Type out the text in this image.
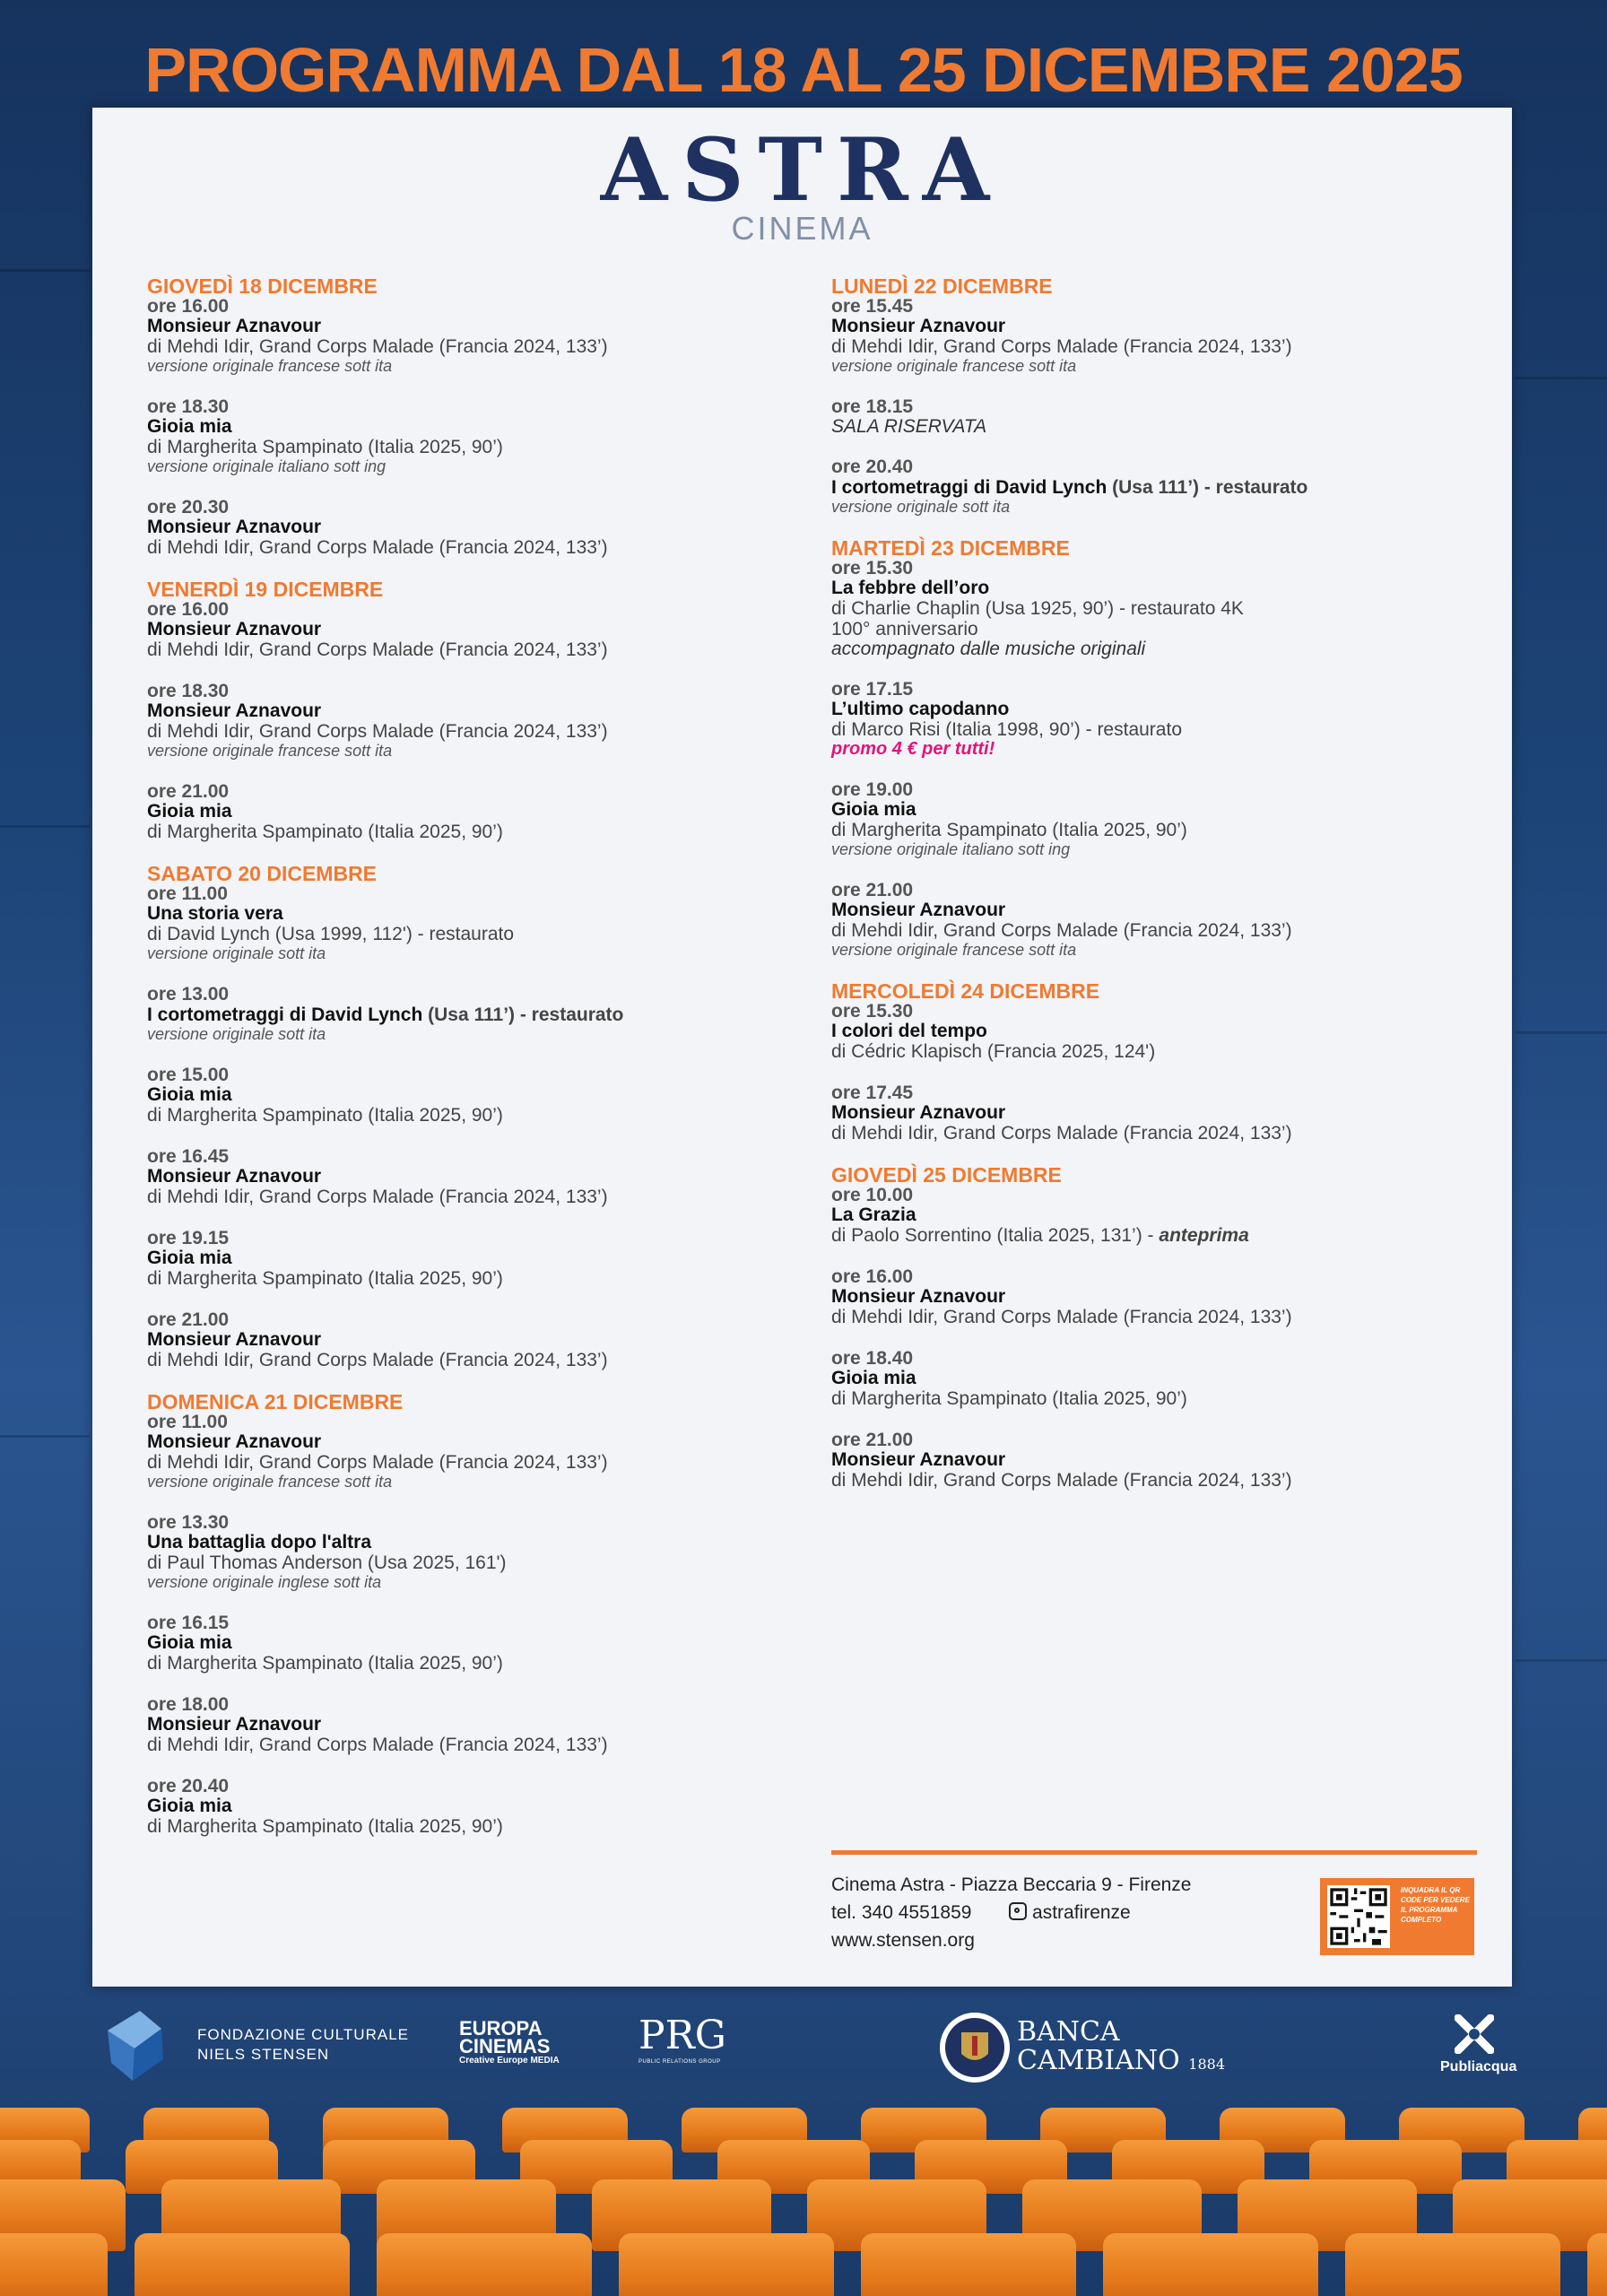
PROGRAMMA DAL 18 AL 25 DICEMBRE 2025
ASTRA
CINEMA
GIOVEDÌ 18 DICEMBRE
ore 16.00
Monsieur Aznavour
di Mehdi Idir, Grand Corps Malade (Francia 2024, 133’)
versione originale francese sott ita
ore 18.30
Gioia mia
di Margherita Spampinato (Italia 2025, 90’)
versione originale italiano sott ing
ore 20.30
Monsieur Aznavour
di Mehdi Idir, Grand Corps Malade (Francia 2024, 133’)
VENERDÌ 19 DICEMBRE
ore 16.00
Monsieur Aznavour
di Mehdi Idir, Grand Corps Malade (Francia 2024, 133’)
ore 18.30
Monsieur Aznavour
di Mehdi Idir, Grand Corps Malade (Francia 2024, 133’)
versione originale francese sott ita
ore 21.00
Gioia mia
di Margherita Spampinato (Italia 2025, 90’)
SABATO 20 DICEMBRE
ore 11.00
Una storia vera
di David Lynch (Usa 1999, 112') - restaurato
versione originale sott ita
ore 13.00
I cortometraggi di David Lynch (Usa 111’) - restaurato
versione originale sott ita
ore 15.00
Gioia mia
di Margherita Spampinato (Italia 2025, 90’)
ore 16.45
Monsieur Aznavour
di Mehdi Idir, Grand Corps Malade (Francia 2024, 133’)
ore 19.15
Gioia mia
di Margherita Spampinato (Italia 2025, 90’)
ore 21.00
Monsieur Aznavour
di Mehdi Idir, Grand Corps Malade (Francia 2024, 133’)
DOMENICA 21 DICEMBRE
ore 11.00
Monsieur Aznavour
di Mehdi Idir, Grand Corps Malade (Francia 2024, 133’)
versione originale francese sott ita
ore 13.30
Una battaglia dopo l'altra
di Paul Thomas Anderson (Usa 2025, 161')
versione originale inglese sott ita
ore 16.15
Gioia mia
di Margherita Spampinato (Italia 2025, 90’)
ore 18.00
Monsieur Aznavour
di Mehdi Idir, Grand Corps Malade (Francia 2024, 133’)
ore 20.40
Gioia mia
di Margherita Spampinato (Italia 2025, 90’)
LUNEDÌ 22 DICEMBRE
ore 15.45
Monsieur Aznavour
di Mehdi Idir, Grand Corps Malade (Francia 2024, 133’)
versione originale francese sott ita
ore 18.15
SALA RISERVATA
ore 20.40
I cortometraggi di David Lynch (Usa 111’) - restaurato
versione originale sott ita
MARTEDÌ 23 DICEMBRE
ore 15.30
La febbre dell’oro
di Charlie Chaplin (Usa 1925, 90’) - restaurato 4K
100° anniversario
accompagnato dalle musiche originali
ore 17.15
L’ultimo capodanno
di Marco Risi (Italia 1998, 90’) - restaurato
promo 4 € per tutti!
ore 19.00
Gioia mia
di Margherita Spampinato (Italia 2025, 90’)
versione originale italiano sott ing
ore 21.00
Monsieur Aznavour
di Mehdi Idir, Grand Corps Malade (Francia 2024, 133’)
versione originale francese sott ita
MERCOLEDÌ 24 DICEMBRE
ore 15.30
I colori del tempo
di Cédric Klapisch (Francia 2025, 124')
ore 17.45
Monsieur Aznavour
di Mehdi Idir, Grand Corps Malade (Francia 2024, 133’)
GIOVEDÌ 25 DICEMBRE
ore 10.00
La Grazia
di Paolo Sorrentino (Italia 2025, 131’) - anteprima
ore 16.00
Monsieur Aznavour
di Mehdi Idir, Grand Corps Malade (Francia 2024, 133’)
ore 18.40
Gioia mia
di Margherita Spampinato (Italia 2025, 90’)
ore 21.00
Monsieur Aznavour
di Mehdi Idir, Grand Corps Malade (Francia 2024, 133’)
Cinema Astra - Piazza Beccaria 9 - Firenze
tel. 340 4551859	astrafirenze
www.stensen.org
INQUADRA IL QR CODE PER VEDERE IL PROGRAMMA COMPLETO
FONDAZIONE CULTURALE
NIELS STENSEN
EUROPA
CINEMAS
Creative Europe MEDIA
PRG
PUBLIC RELATIONS GROUP
BANCA
CAMBIANO 1884	Publiacqua
